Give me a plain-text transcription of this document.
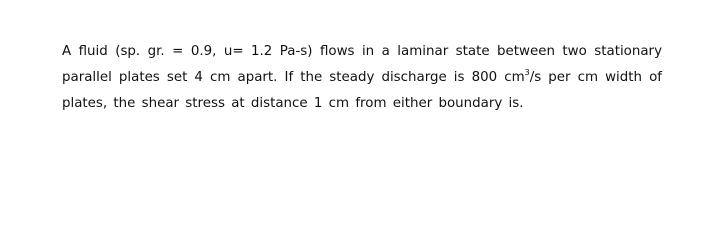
A fluid (sp. gr. = 0.9, u= 1.2 Pa-s) flows in a laminar state between two stationary
parallel plates set 4 cm apart. If the steady discharge is 800 $cm^3/s$ per cm width of
plates, the shear stress at distance 1 cm from either boundary is.
